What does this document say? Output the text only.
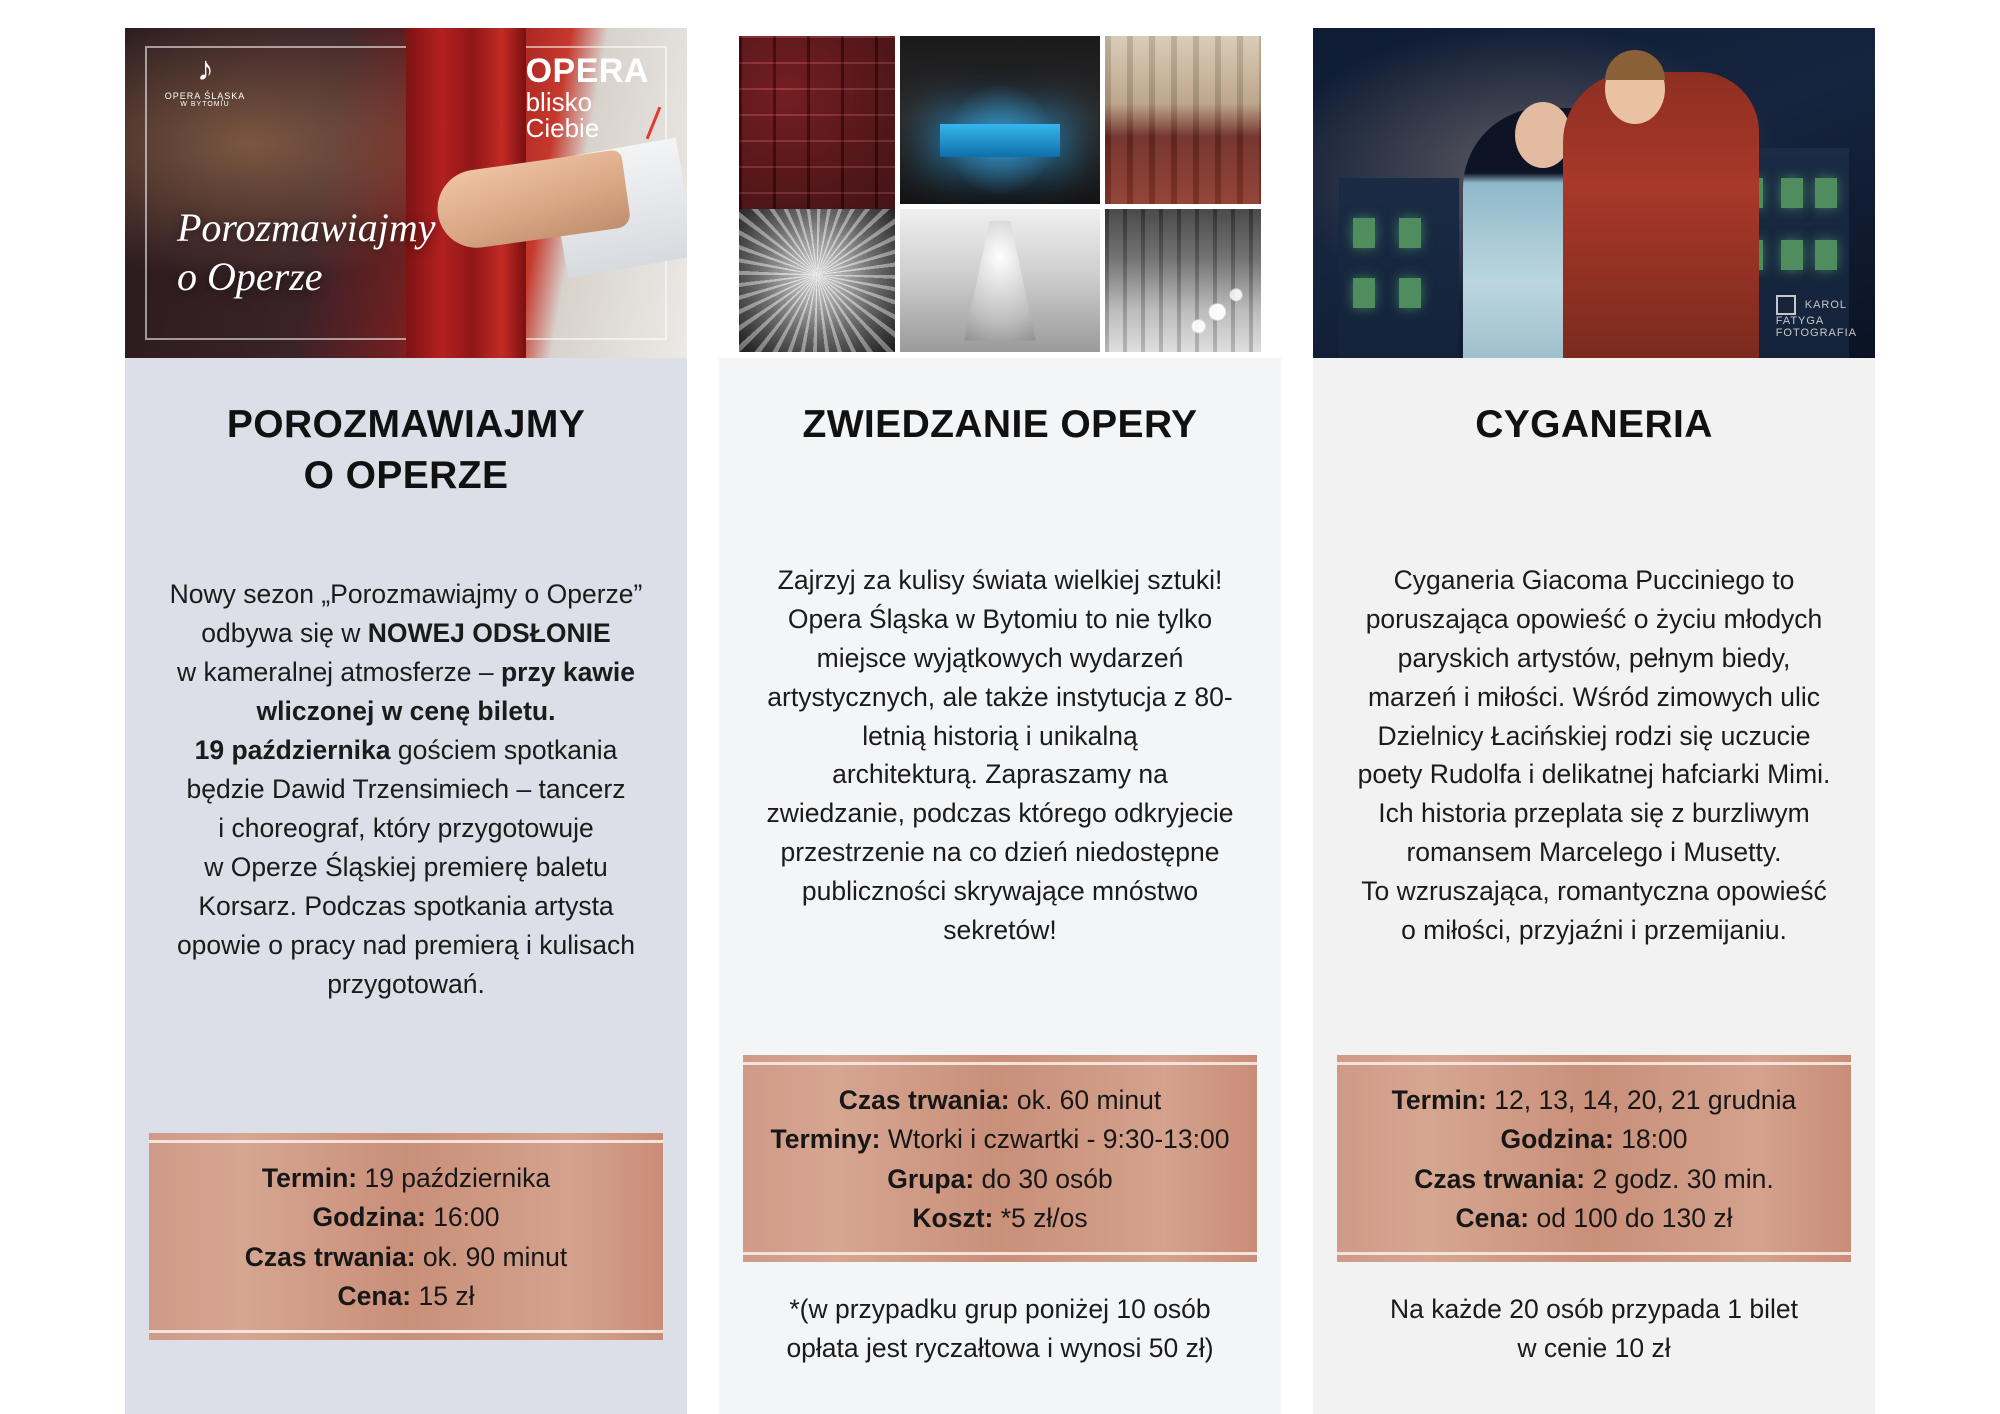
♪
OPERA ŚLĄSKA
W BYTOMIU
OPERA
blisko
Ciebie
Porozmawiajmy
o Operze
POROZMAWIAJMY
O OPERZE
Nowy sezon „Porozmawiajmy o Operze”
odbywa się w NOWEJ ODSŁONIE
w kameralnej atmosferze – przy kawie
wliczonej w cenę biletu.
19 października gościem spotkania
będzie Dawid Trzensimiech – tancerz
i choreograf, który przygotowuje
w Operze Śląskiej premierę baletu
Korsarz. Podczas spotkania artysta
opowie o pracy nad premierą i kulisach
przygotowań.
Termin: 19 października
Godzina: 16:00
Czas trwania: ok. 90 minut
Cena: 15 zł
ZWIEDZANIE OPERY
Zajrzyj za kulisy świata wielkiej sztuki!
Opera Śląska w Bytomiu to nie tylko
miejsce wyjątkowych wydarzeń
artystycznych, ale także instytucja z 80-
letnią historią i unikalną
architekturą. Zapraszamy na
zwiedzanie, podczas którego odkryjecie
przestrzenie na co dzień niedostępne
publiczności skrywające mnóstwo
sekretów!
Czas trwania: ok. 60 minut
Terminy: Wtorki i czwartki - 9:30-13:00
Grupa: do 30 osób
Koszt: *5 zł/os
*(w przypadku grup poniżej 10 osób
opłata jest ryczałtowa i wynosi 50 zł)
KAROL
FATYGA
FOTOGRAFIA
CYGANERIA
Cyganeria Giacoma Pucciniego to
poruszająca opowieść o życiu młodych
paryskich artystów, pełnym biedy,
marzeń i miłości. Wśród zimowych ulic
Dzielnicy Łacińskiej rodzi się uczucie
poety Rudolfa i delikatnej hafciarki Mimi.
Ich historia przeplata się z burzliwym
romansem Marcelego i Musetty.
To wzruszająca, romantyczna opowieść
o miłości, przyjaźni i przemijaniu.
Termin: 12, 13, 14, 20, 21 grudnia
Godzina: 18:00
Czas trwania: 2 godz. 30 min.
Cena: od 100 do 130 zł
Na każde 20 osób przypada 1 bilet
w cenie 10 zł
